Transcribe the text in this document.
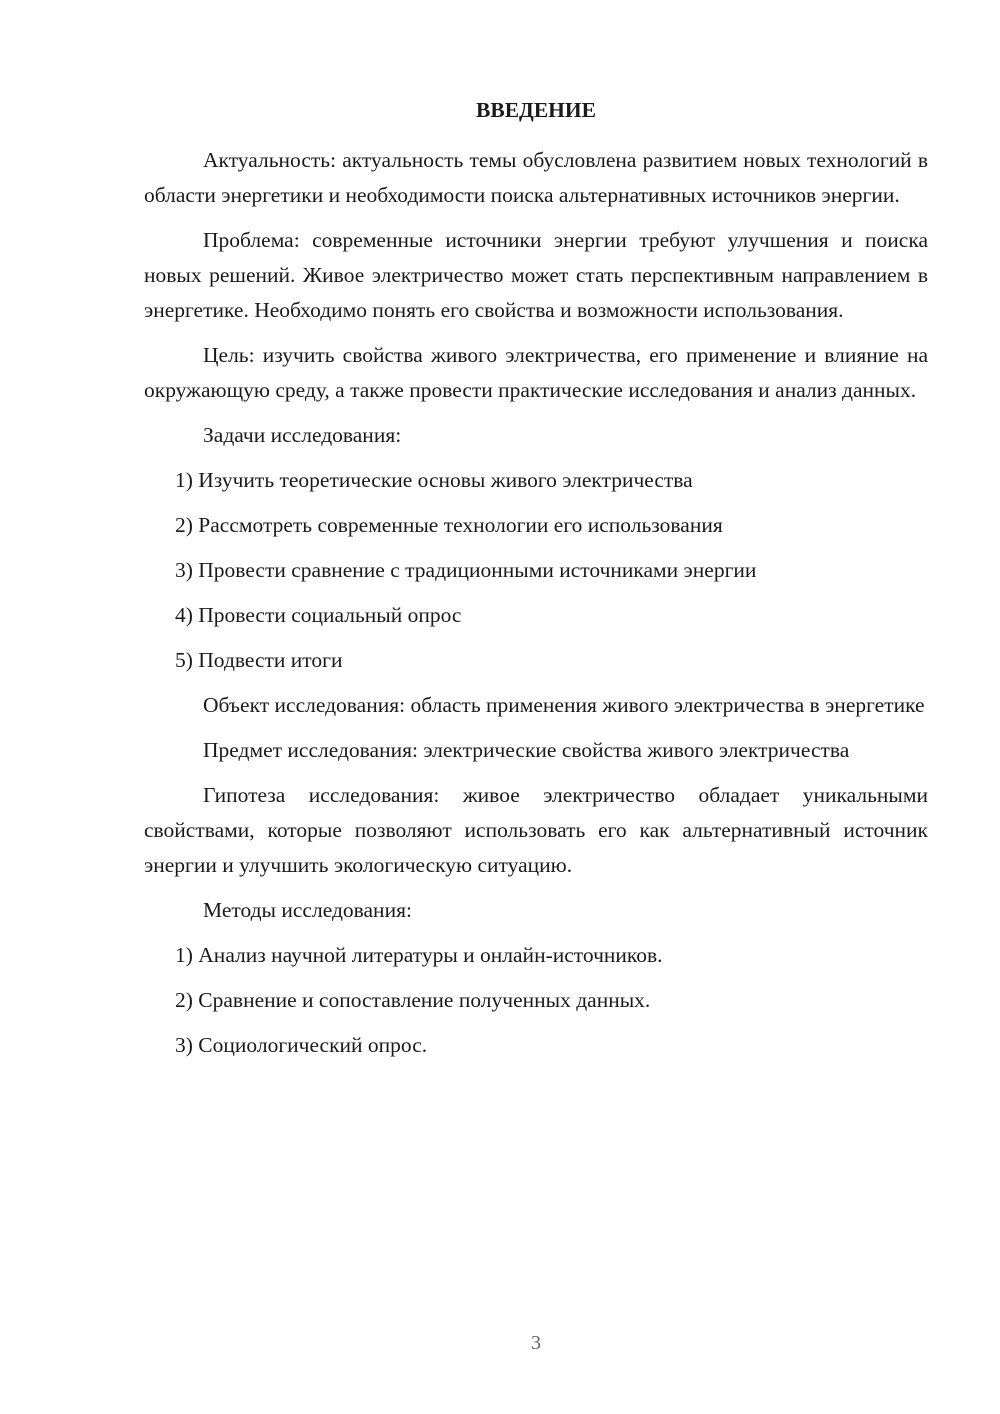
ВВЕДЕНИЕ

Актуальность: актуальность темы обусловлена развитием новых технологий в области энергетики и необходимости поиска альтернативных источников энергии.

Проблема: современные источники энергии требуют улучшения и поиска новых решений. Живое электричество может стать перспективным направлением в энергетике. Необходимо понять его свойства и возможности использования.

Цель: изучить свойства живого электричества, его применение и влияние на окружающую среду, а также провести практические исследования и анализ данных.

Задачи исследования:

1) Изучить теоретические основы живого электричества
2) Рассмотреть современные технологии его использования
3) Провести сравнение с традиционными источниками энергии
4) Провести социальный опрос
5) Подвести итоги

Объект исследования: область применения живого электричества в энергетике

Предмет исследования: электрические свойства живого электричества

Гипотеза исследования: живое электричество обладает уникальными свойствами, которые позволяют использовать его как альтернативный источник энергии и улучшить экологическую ситуацию.

Методы исследования:

1) Анализ научной литературы и онлайн-источников.
2) Сравнение и сопоставление полученных данных.
3) Социологический опрос.
3
